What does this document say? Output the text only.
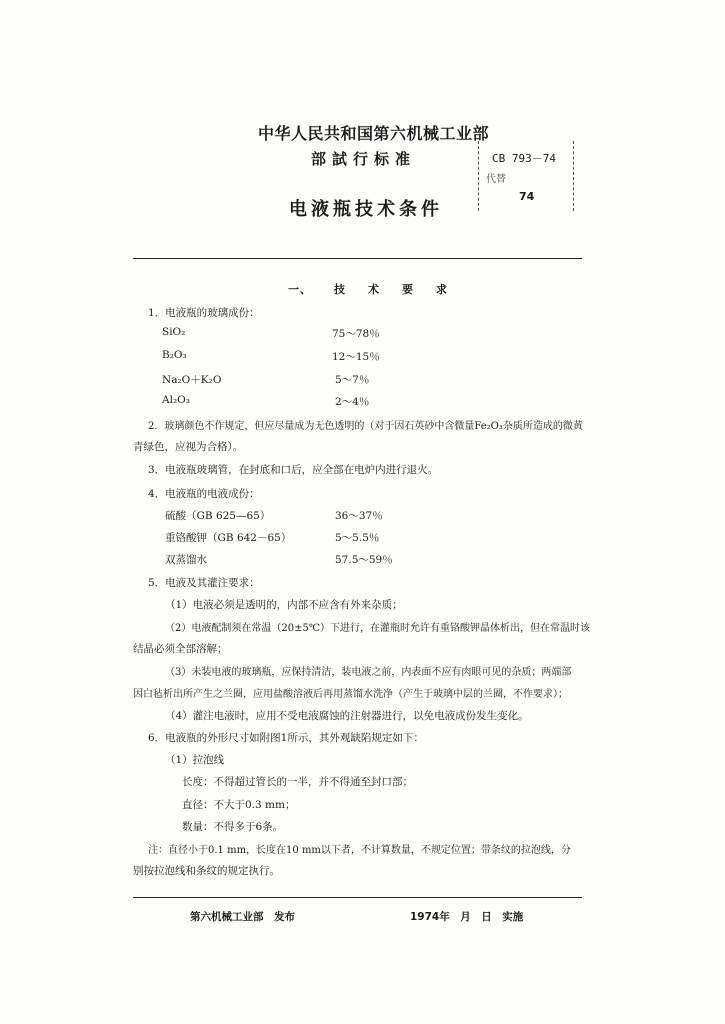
中华人民共和国第六机械工业部
部試行标准
电液瓶技术条件
CB 793－74
代替
74
一、 技 术 要 求
1．电液瓶的玻璃成份：
SiO₂	75～78％
B₂O₃	12～15％
Na₂O＋K₂O	5～7％
Al₂O₃	2～4％
2．玻璃颜色不作规定，但应尽量成为无色透明的（对于因石英砂中含微量Fe₂O₃杂质所造成的微黄
青绿色，应视为合格）。
3．电液瓶玻璃管，在封底和口后，应全部在电炉内进行退火。
4．电液瓶的电液成份：
硫酸（GB 625—65）	36～37％
重铬酸钾（GB 642－65）	5～5.5％
双蒸馏水	57.5～59％
5．电液及其灌注要求：
（1）电液必须是透明的，内部不应含有外来杂质；
（2）电液配制须在常温（20±5℃）下进行，在灌瓶时允许有重铬酸钾晶体析出，但在常温时该
结晶必须全部溶解；
（3）未装电液的玻璃瓶，应保持清洁，装电液之前，内表面不应有肉眼可见的杂质；两端部
因白毡析出所产生之兰圈，应用盐酸溶液后再用蒸馏水洗净（产生于玻璃中层的兰圈，不作要求）；
（4）灌注电液时，应用不受电液腐蚀的注射器进行，以免电液成份发生变化。
6．电液瓶的外形尺寸如附图1所示，其外观缺陷规定如下：
（1）拉泡线
长度：不得超过管长的一半，并不得通至封口部；
直径：不大于0.3 mm；
数量：不得多于6条。
注：直径小于0.1 mm，长度在10 mm以下者，不计算数量，不规定位置；带条纹的拉泡线，分
别按拉泡线和条纹的规定执行。
第六机械工业部　发布	1974年　月　日　实施
